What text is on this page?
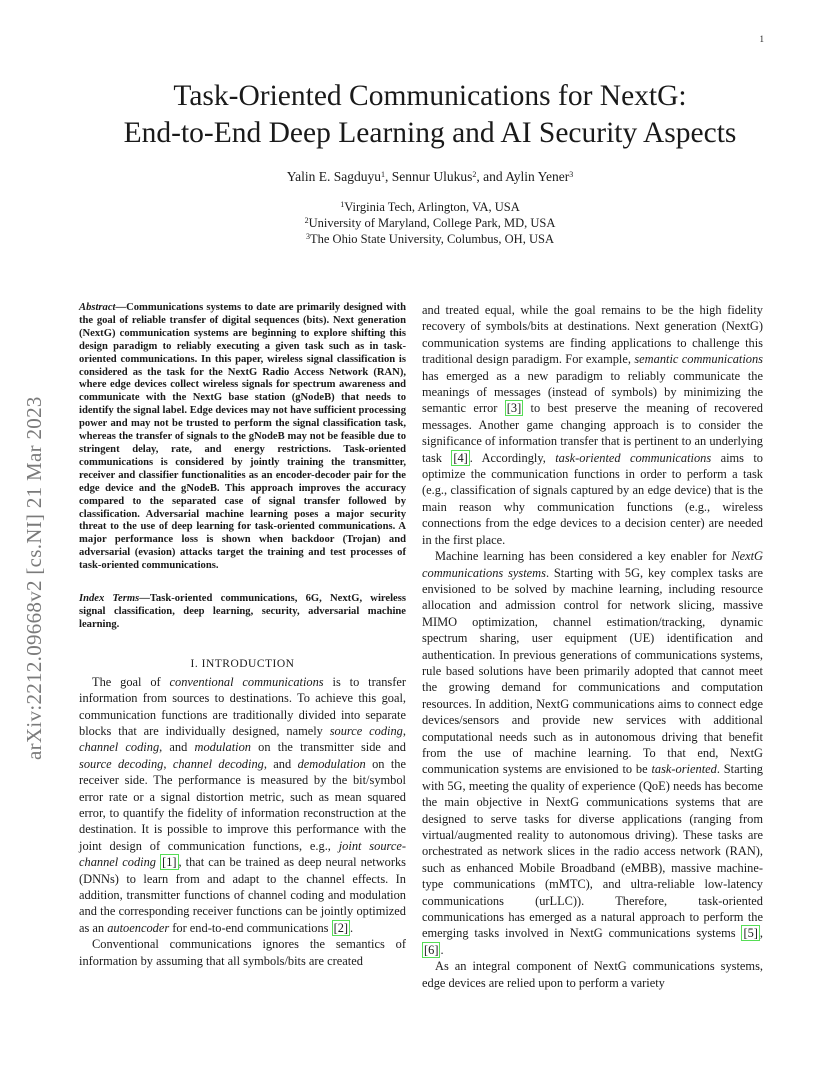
1
arXiv:2212.09668v2 [cs.NI] 21 Mar 2023
Task-Oriented Communications for NextG:
End-to-End Deep Learning and AI Security Aspects
Yalin E. Sagduyu$^1$, Sennur Ulukus$^2$, and Aylin Yener$^3$
$^1$Virginia Tech, Arlington, VA, USA
$^2$University of Maryland, College Park, MD, USA
$^3$The Ohio State University, Columbus, OH, USA

Abstract—Communications systems to date are primarily designed with the goal of reliable transfer of digital sequences (bits). Next generation (NextG) communication systems are beginning to explore shifting this design paradigm to reliably executing a given task such as in task-oriented communications. In this paper, wireless signal classification is considered as the task for the NextG Radio Access Network (RAN), where edge devices collect wireless signals for spectrum awareness and communicate with the NextG base station (gNodeB) that needs to identify the signal label. Edge devices may not have sufficient processing power and may not be trusted to perform the signal classification task, whereas the transfer of signals to the gNodeB may not be feasible due to stringent delay, rate, and energy restrictions. Task-oriented communications is considered by jointly training the transmitter, receiver and classifier functionalities as an encoder-decoder pair for the edge device and the gNodeB. This approach improves the accuracy compared to the separated case of signal transfer followed by classification. Adversarial machine learning poses a major security threat to the use of deep learning for task-oriented communications. A major performance loss is shown when backdoor (Trojan) and adversarial (evasion) attacks target the training and test processes of task-oriented communications.

Index Terms—Task-oriented communications, 6G, NextG, wireless signal classification, deep learning, security, adversarial machine learning.

I. INTRODUCTION

The goal of conventional communications is to transfer information from sources to destinations. To achieve this goal, communication functions are traditionally divided into separate blocks that are individually designed, namely source coding, channel coding, and modulation on the transmitter side and source decoding, channel decoding, and demodulation on the receiver side. The performance is measured by the bit/symbol error rate or a signal distortion metric, such as mean squared error, to quantify the fidelity of information reconstruction at the destination. It is possible to improve this performance with the joint design of communication functions, e.g., joint source-channel coding [1] , that can be trained as deep neural networks (DNNs) to learn from and adapt to the channel effects. In addition, transmitter functions of channel coding and modulation and the corresponding receiver functions can be jointly optimized as an autoencoder for end-to-end communications [2] .

Conventional communications ignores the semantics of information by assuming that all symbols/bits are created

and treated equal, while the goal remains to be the high fidelity recovery of symbols/bits at destinations. Next generation (NextG) communication systems are finding applications to challenge this traditional design paradigm. For example, semantic communications has emerged as a new paradigm to reliably communicate the meanings of messages (instead of symbols) by minimizing the semantic error [3] to best preserve the meaning of recovered messages. Another game changing approach is to consider the significance of information transfer that is pertinent to an underlying task [4] . Accordingly, task-oriented communications aims to optimize the communication functions in order to perform a task (e.g., classification of signals captured by an edge device) that is the main reason why communication functions (e.g., wireless connections from the edge devices to a decision center) are needed in the first place.

Machine learning has been considered a key enabler for NextG communications systems. Starting with 5G, key complex tasks are envisioned to be solved by machine learning, including resource allocation and admission control for network slicing, massive MIMO optimization, channel estimation/tracking, dynamic spectrum sharing, user equipment (UE) identification and authentication. In previous generations of communications systems, rule based solutions have been primarily adopted that cannot meet the growing demand for communications and computation resources. In addition, NextG communications aims to connect edge devices/sensors and provide new services with additional computational needs such as in autonomous driving that benefit from the use of machine learning. To that end, NextG communication systems are envisioned to be task-oriented. Starting with 5G, meeting the quality of experience (QoE) needs has become the main objective in NextG communications systems that are designed to serve tasks for diverse applications (ranging from virtual/augmented reality to autonomous driving). These tasks are orchestrated as network slices in the radio access network (RAN), such as enhanced Mobile Broadband (eMBB), massive machine-type communications (mMTC), and ultra-reliable low-latency communications (urLLC)). Therefore, task-oriented communications has emerged as a natural approach to perform the emerging tasks involved in NextG communications systems [5] , [6] .

As an integral component of NextG communications systems, edge devices are relied upon to perform a variety
